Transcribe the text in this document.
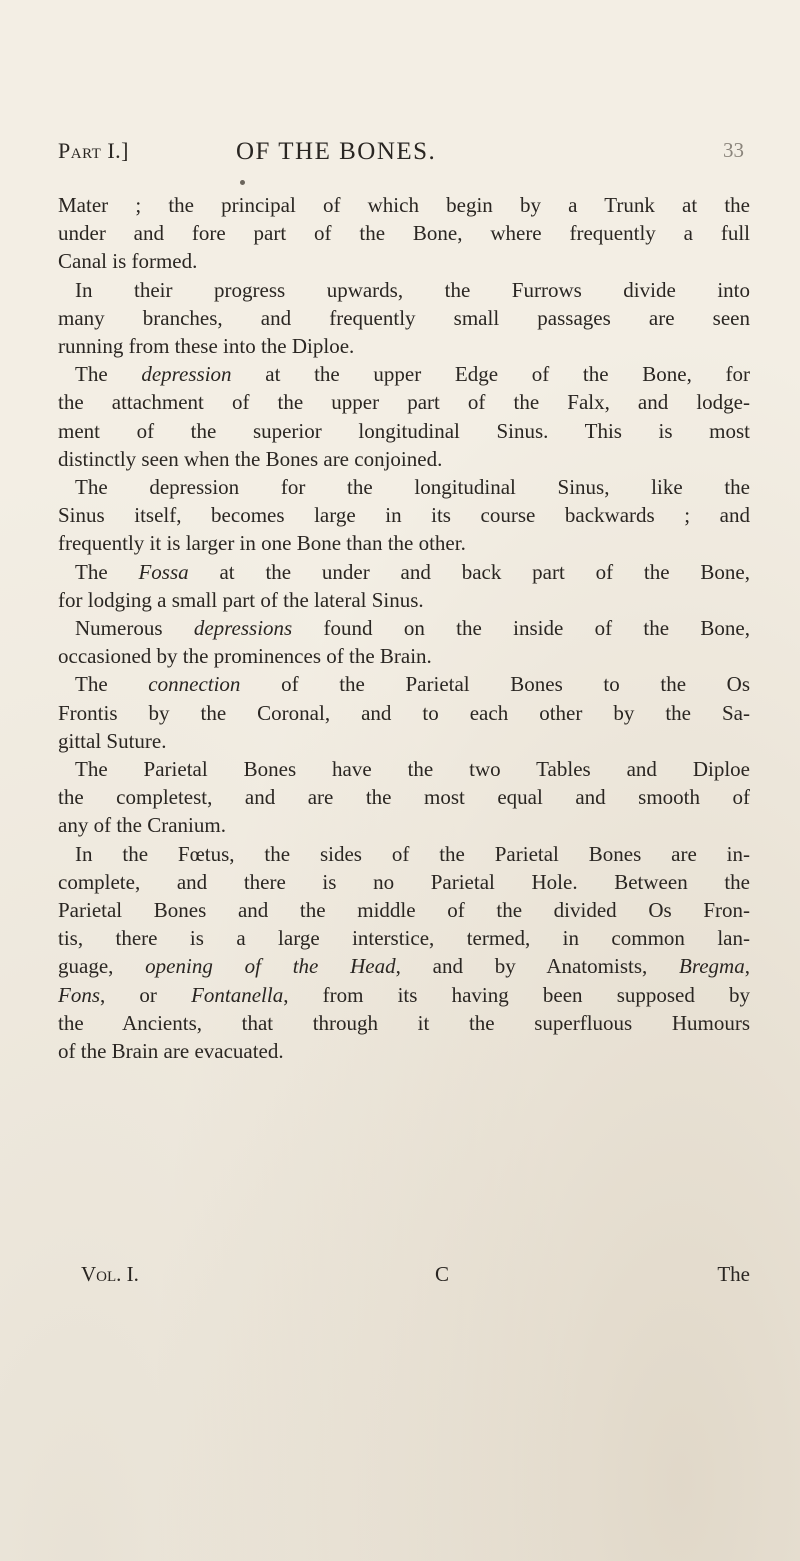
Part I.]	OF THE BONES.	33
Mater ; the principal of which begin by a Trunk at the
under and fore part of the Bone, where frequently a full
Canal is formed.
In their progress upwards, the Furrows divide into
many branches, and frequently small passages are seen
running from these into the Diploe.
The depression at the upper Edge of the Bone, for
the attachment of the upper part of the Falx, and lodge-
ment of the superior longitudinal Sinus. This is most
distinctly seen when the Bones are conjoined.
The depression for the longitudinal Sinus, like the
Sinus itself, becomes large in its course backwards ; and
frequently it is larger in one Bone than the other.
The Fossa at the under and back part of the Bone,
for lodging a small part of the lateral Sinus.
Numerous depressions found on the inside of the Bone,
occasioned by the prominences of the Brain.
The connection of the Parietal Bones to the Os
Frontis by the Coronal, and to each other by the Sa-
gittal Suture.
The Parietal Bones have the two Tables and Diploe
the completest, and are the most equal and smooth of
any of the Cranium.
In the Fœtus, the sides of the Parietal Bones are in-
complete, and there is no Parietal Hole. Between the
Parietal Bones and the middle of the divided Os Fron-
tis, there is a large interstice, termed, in common lan-
guage, opening of the Head, and by Anatomists, Bregma,
Fons, or Fontanella, from its having been supposed by
the Ancients, that through it the superfluous Humours
of the Brain are evacuated.
Vol. I.	C	The
